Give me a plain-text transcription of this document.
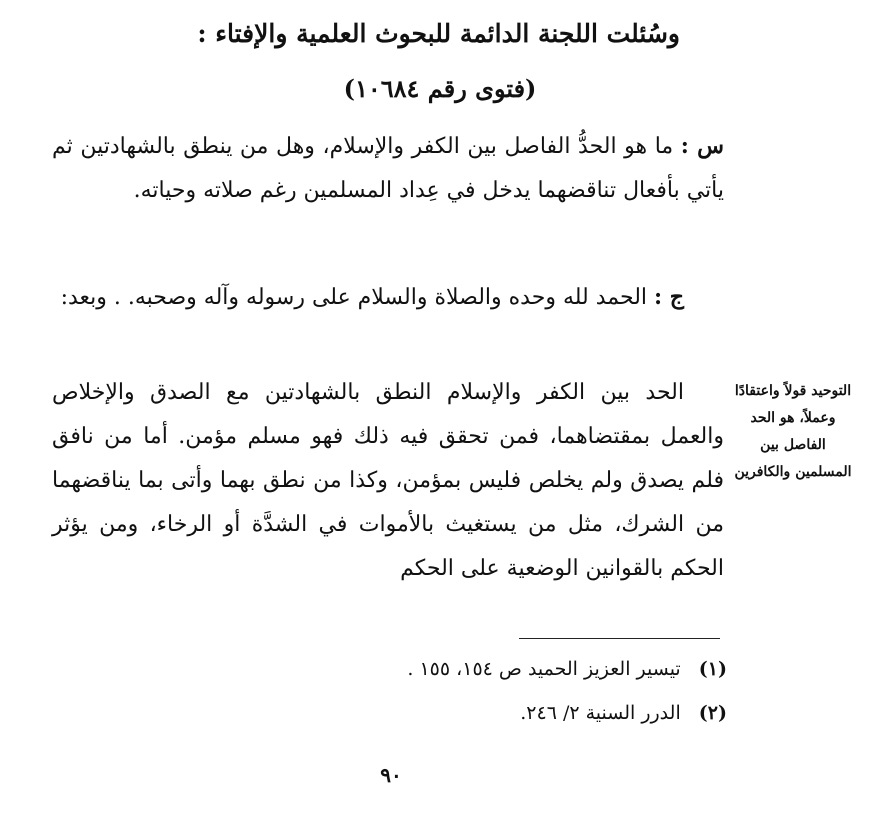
وسُئلت اللجنة الدائمة للبحوث العلمية والإفتاء :
(فتوى رقم ١٠٦٨٤)

س : ما هو الحدُّ الفاصل بين الكفر والإسلام، وهل من ينطق بالشهادتين ثم يأتي بأفعال تناقضهما يدخل في عِداد المسلمين رغم صلاته وحياته.

ج : الحمد لله وحده والصلاة والسلام على رسوله وآله وصحبه. . وبعد:

الحد بين الكفر والإسلام النطق بالشهادتين مع الصدق والإخلاص والعمل بمقتضاهما، فمن تحقق فيه ذلك فهو مسلم مؤمن. أما من نافق فلم يصدق ولم يخلص فليس بمؤمن، وكذا من نطق بهما وأتى بما يناقضهما من الشرك، مثل من يستغيث بالأموات في الشدَّة أو الرخاء، ومن يؤثر الحكم بالقوانين الوضعية على الحكم

التوحيد قولاً واعتقادًا وعملاً، هو الحد الفاصل بين المسلمين والكافرين
(١) تيسير العزيز الحميد ص ١٥٤، ١٥٥ .
(٢) الدرر السنية ٢/ ٢٤٦.
٩٠
